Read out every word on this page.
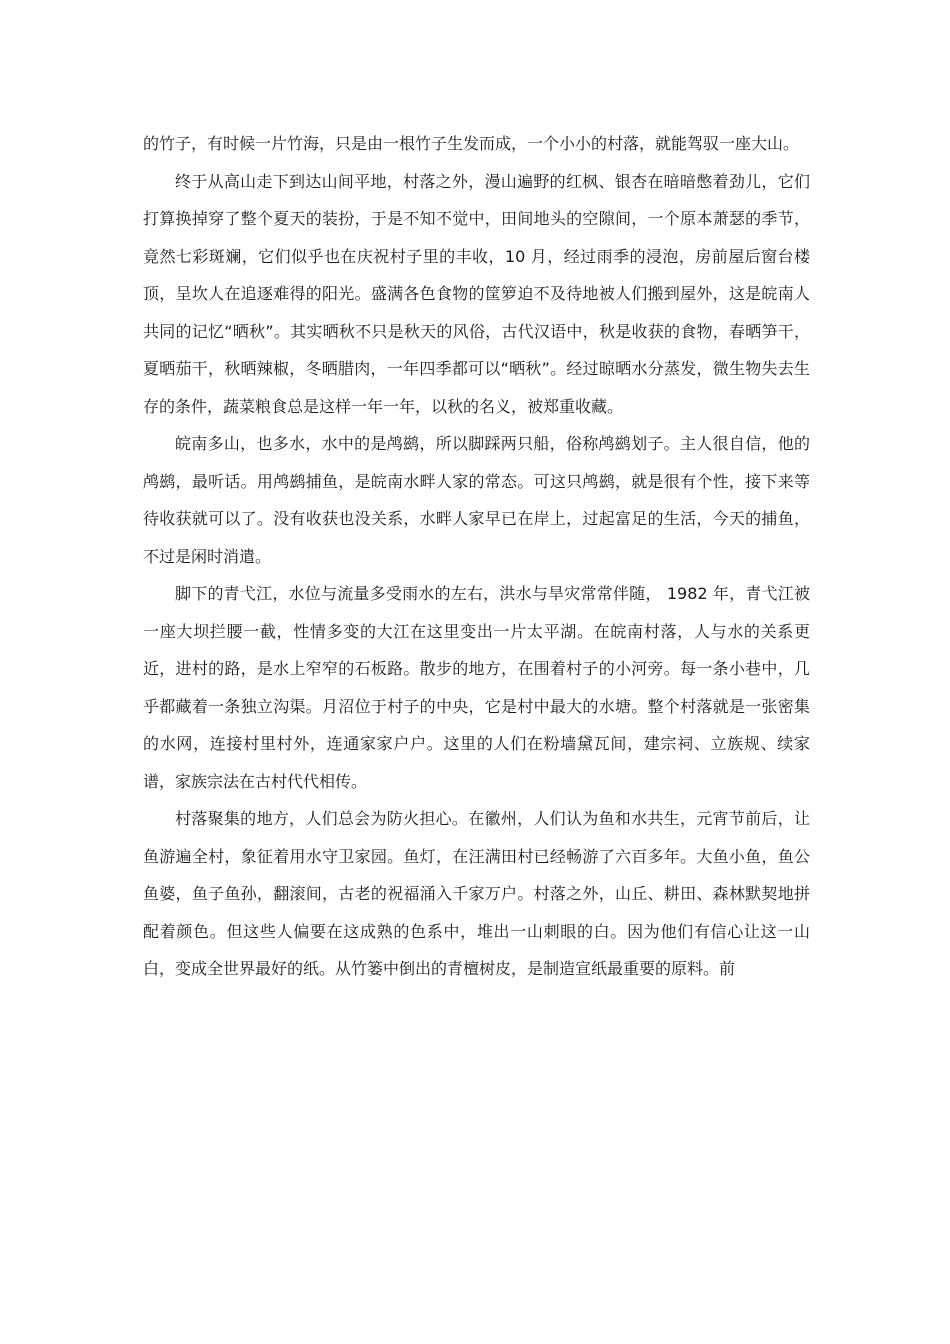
的竹子，有时候一片竹海，只是由一根竹子生发而成，一个小小的村落，就能驾驭一座大山。

终于从高山走下到达山间平地，村落之外，漫山遍野的红枫、银杏在暗暗憋着劲儿，它们打算换掉穿了整个夏天的装扮，于是不知不觉中，田间地头的空隙间，一个原本萧瑟的季节，竟然七彩斑斓，它们似乎也在庆祝村子里的丰收，10 月，经过雨季的浸泡，房前屋后窗台楼顶，呈坎人在追逐难得的阳光。盛满各色食物的筐箩迫不及待地被人们搬到屋外，这是皖南人共同的记忆“晒秋”。其实晒秋不只是秋天的风俗，古代汉语中，秋是收获的食物，春晒笋干，夏晒茄干，秋晒辣椒，冬晒腊肉，一年四季都可以“晒秋”。经过晾晒水分蒸发，微生物失去生存的条件，蔬菜粮食总是这样一年一年，以秋的名义，被郑重收藏。

皖南多山，也多水，水中的是鸬鹚，所以脚踩两只船，俗称鸬鹚划子。主人很自信，他的鸬鹚，最听话。用鸬鹚捕鱼，是皖南水畔人家的常态。可这只鸬鹚，就是很有个性，接下来等待收获就可以了。没有收获也没关系，水畔人家早已在岸上，过起富足的生活，今天的捕鱼，不过是闲时消遣。

脚下的青弋江，水位与流量多受雨水的左右，洪水与旱灾常常伴随， 1982 年，青弋江被一座大坝拦腰一截，性情多变的大江在这里变出一片太平湖。在皖南村落，人与水的关系更近，进村的路，是水上窄窄的石板路。散步的地方，在围着村子的小河旁。每一条小巷中，几乎都藏着一条独立沟渠。月沼位于村子的中央，它是村中最大的水塘。整个村落就是一张密集的水网，连接村里村外，连通家家户户。这里的人们在粉墙黛瓦间，建宗祠、立族规、续家谱，家族宗法在古村代代相传。

村落聚集的地方，人们总会为防火担心。在徽州，人们认为鱼和水共生，元宵节前后，让鱼游遍全村，象征着用水守卫家园。鱼灯，在汪满田村已经畅游了六百多年。大鱼小鱼，鱼公鱼婆，鱼子鱼孙，翻滚间，古老的祝福涌入千家万户。村落之外，山丘、耕田、森林默契地拼配着颜色。但这些人偏要在这成熟的色系中，堆出一山刺眼的白。因为他们有信心让这一山白，变成全世界最好的纸。从竹篓中倒出的青檀树皮，是制造宣纸最重要的原料。前
